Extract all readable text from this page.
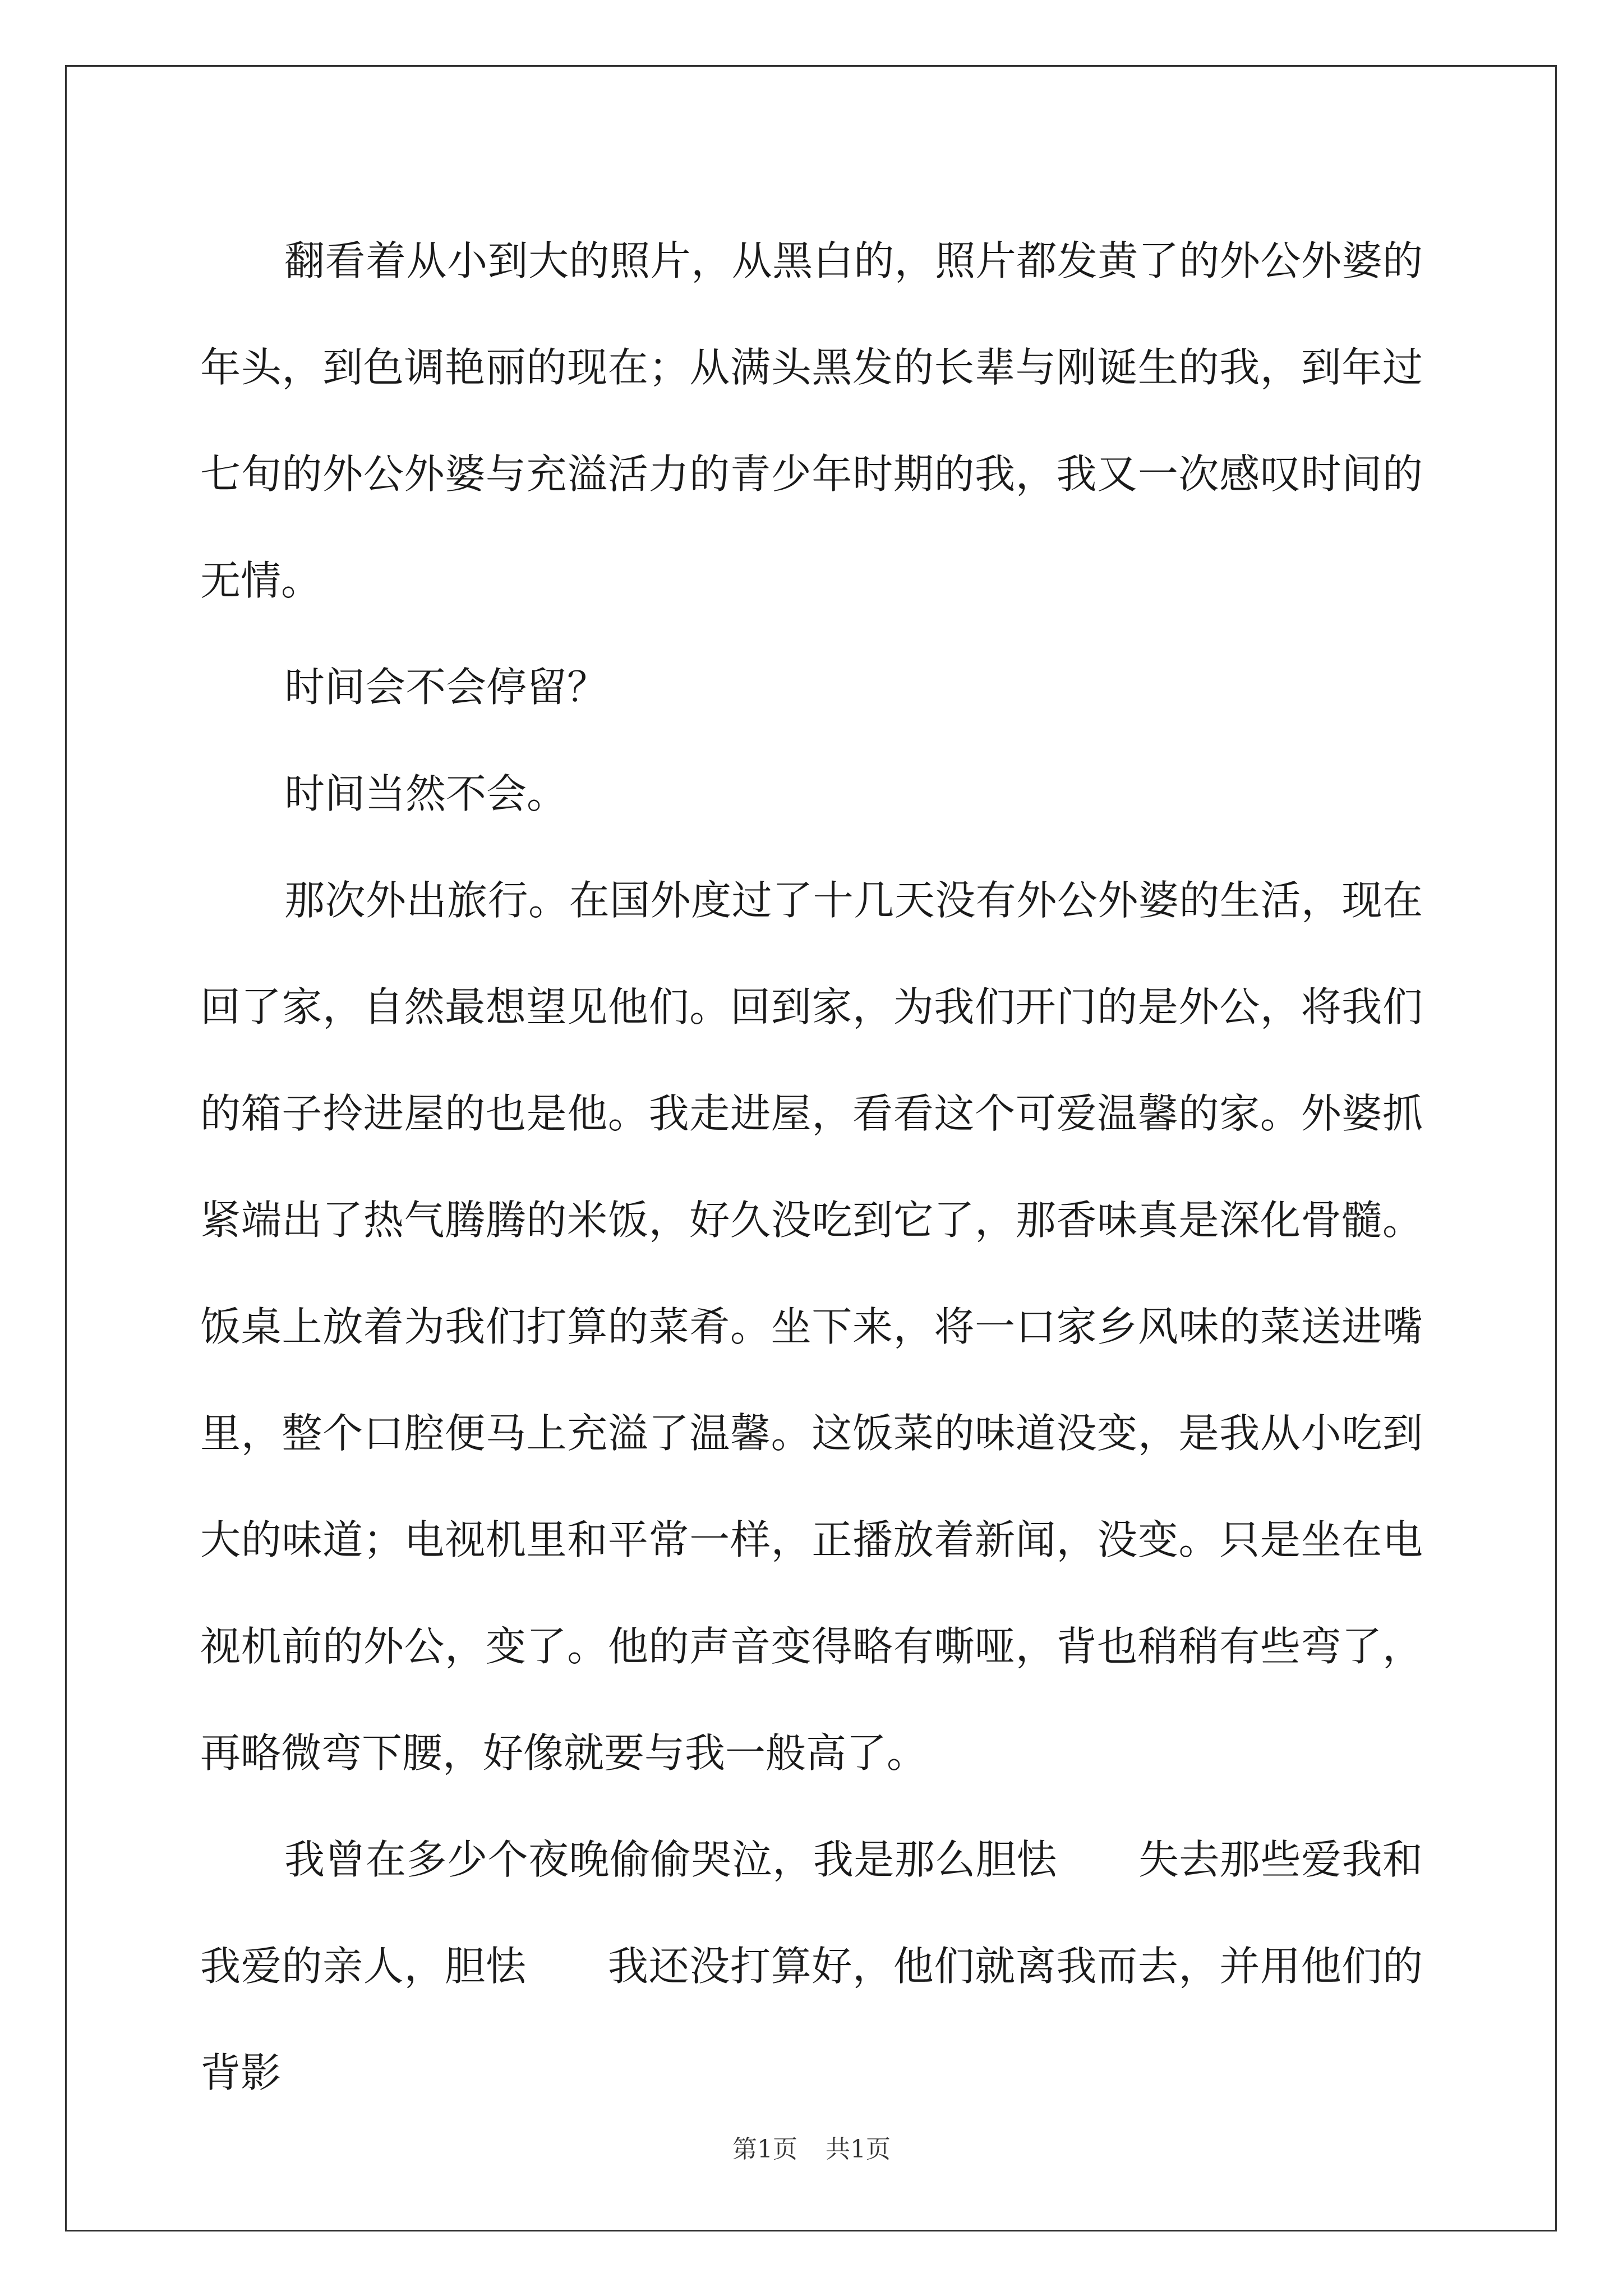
翻看着从小到大的照片，从黑白的，照片都发黄了的外公外婆的年头，到色调艳丽的现在；从满头黑发的长辈与刚诞生的我，到年过七旬的外公外婆与充溢活力的青少年时期的我，我又一次感叹时间的无情。

时间会不会停留？

时间当然不会。

那次外出旅行。在国外度过了十几天没有外公外婆的生活，现在回了家，自然最想望见他们。回到家，为我们开门的是外公，将我们的箱子拎进屋的也是他。我走进屋，看看这个可爱温馨的家。外婆抓紧端出了热气腾腾的米饭，好久没吃到它了，那香味真是深化骨髓。饭桌上放着为我们打算的菜肴。坐下来，将一口家乡风味的菜送进嘴里，整个口腔便马上充溢了温馨。这饭菜的味道没变，是我从小吃到大的味道；电视机里和平常一样，正播放着新闻，没变。只是坐在电视机前的外公，变了。他的声音变得略有嘶哑，背也稍稍有些弯了，再略微弯下腰，好像就要与我一般高了。

我曾在多少个夜晚偷偷哭泣，我是那么胆怯　　失去那些爱我和我爱的亲人，胆怯　　我还没打算好，他们就离我而去，并用他们的背影

第1页 共1页
